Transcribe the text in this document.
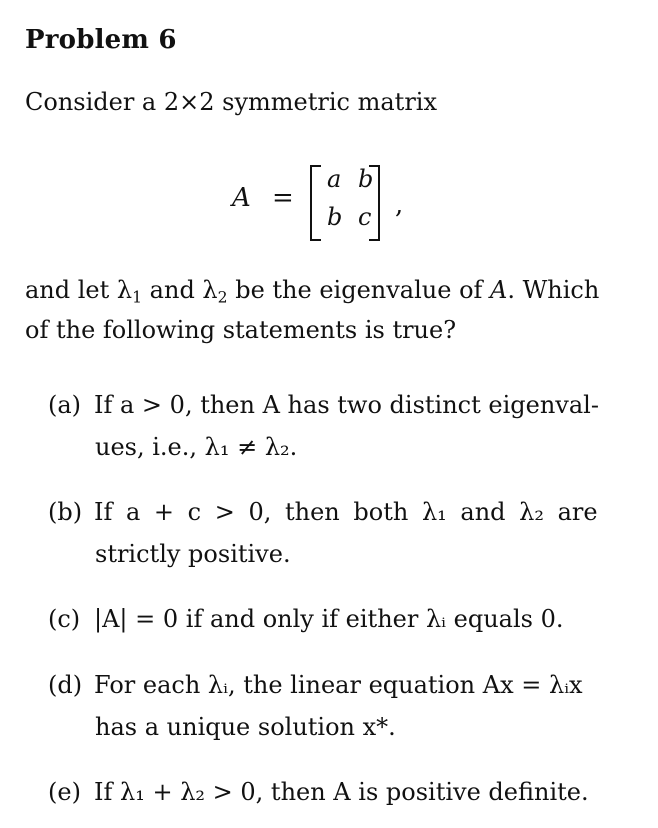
Problem 6
Consider a 2×2 symmetric matrix
A =
a b
b c ,
and let $\lambda_1$ and $\lambda_2$ be the eigenvalue of A. Which
of the following statements is true?
(a) If a > 0, then A has two distinct eigenval-
ues, i.e., λ₁ ≠ λ₂.
(b) If a + c > 0, then both λ₁ and λ₂ are
strictly positive.
(c) |A| = 0 if and only if either λᵢ equals 0.
(d) For each λᵢ, the linear equation Ax = λᵢx
has a unique solution x*.
(e) If λ₁ + λ₂ > 0, then A is positive definite.
